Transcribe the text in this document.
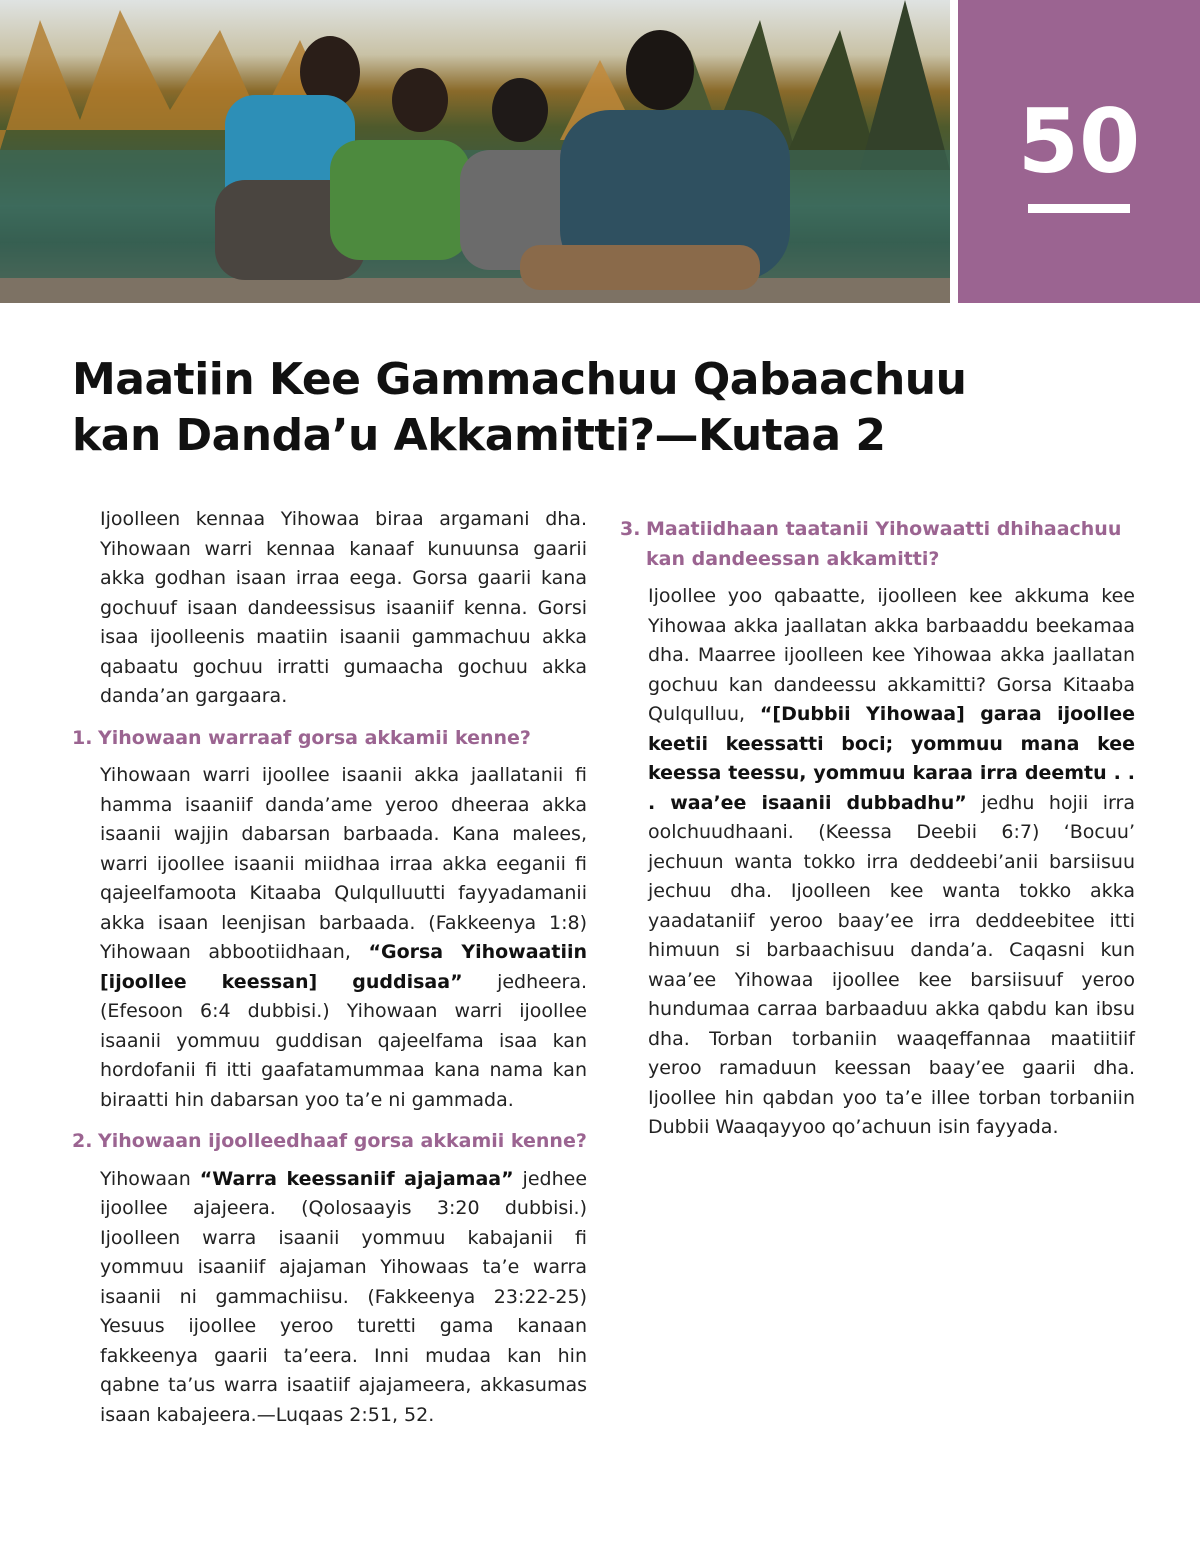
50
Maatiin Kee Gammachuu Qabaachuu
kan Danda’u Akkamitti?—Kutaa 2

Ijoolleen kennaa Yihowaa biraa argamani dha. Yihowaan warri kennaa kanaaf kunuunsa gaarii akka godhan isaan irraa eega. Gorsa gaarii kana gochuuf isaan dandeessisus isaaniif kenna. Gorsi isaa ijoolleenis maatiin isaanii gammachuu akka qabaatu gochuu irratti gumaacha gochuu akka danda’an gargaara.

1. Yihowaan warraaf gorsa akkamii kenne?

Yihowaan warri ijoollee isaanii akka jaallatanii fi hamma isaaniif danda’ame yeroo dheeraa akka isaanii wajjin dabarsan barbaada. Kana malees, warri ijoollee isaanii miidhaa irraa akka eeganii fi qajeelfamoota Kitaaba Qulqulluutti fayyadamanii akka isaan leenjisan barbaada. (Fakkeenya 1:8) Yihowaan abbootiidhaan, “Gorsa Yihowaatiin [ijoollee keessan] guddisaa” jedheera. (Efesoon 6:4 dubbisi.) Yihowaan warri ijoollee isaanii yommuu guddisan qajeelfama isaa kan hordofanii fi itti gaafatamummaa kana nama kan biraatti hin dabarsan yoo ta’e ni gammada.

2. Yihowaan ijoolleedhaaf gorsa akkamii kenne?

Yihowaan “Warra keessaniif ajajamaa” jedhee ijoollee ajajeera. (Qolosaayis 3:20 dubbisi.) Ijoolleen warra isaanii yommuu kabajanii fi yommuu isaaniif ajajaman Yihowaas ta’e warra isaanii ni gammachiisu. (Fakkeenya 23:22-25) Yesuus ijoollee yeroo turetti gama kanaan fakkeenya gaarii ta’eera. Inni mudaa kan hin qabne ta’us warra isaatiif ajajameera, akkasumas isaan kabajeera.—Luqaas 2:51, 52.

3. Maatiidhaan taatanii Yihowaatti dhihaachuu kan dandeessan akkamitti?

Ijoollee yoo qabaatte, ijoolleen kee akkuma kee Yihowaa akka jaallatan akka barbaaddu beekamaa dha. Maarree ijoolleen kee Yihowaa akka jaallatan gochuu kan dandeessu akkamitti? Gorsa Kitaaba Qulqulluu, “[Dubbii Yihowaa] garaa ijoollee keetii keessatti boci; yommuu mana kee keessa teessu, yommuu karaa irra deemtu . . . waa’ee isaanii dubbadhu” jedhu hojii irra oolchuudhaani. (Keessa Deebii 6:7) ‘Bocuu’ jechuun wanta tokko irra deddeebi’anii barsiisuu jechuu dha. Ijoolleen kee wanta tokko akka yaadataniif yeroo baay’ee irra deddeebitee itti himuun si barbaachisuu danda’a. Caqasni kun waa’ee Yihowaa ijoollee kee barsiisuuf yeroo hundumaa carraa barbaaduu akka qabdu kan ibsu dha. Torban torbaniin waaqeffannaa maatiitiif yeroo ramaduun keessan baay’ee gaarii dha. Ijoollee hin qabdan yoo ta’e illee torban torbaniin Dubbii Waaqayyoo qo’achuun isin fayyada.
